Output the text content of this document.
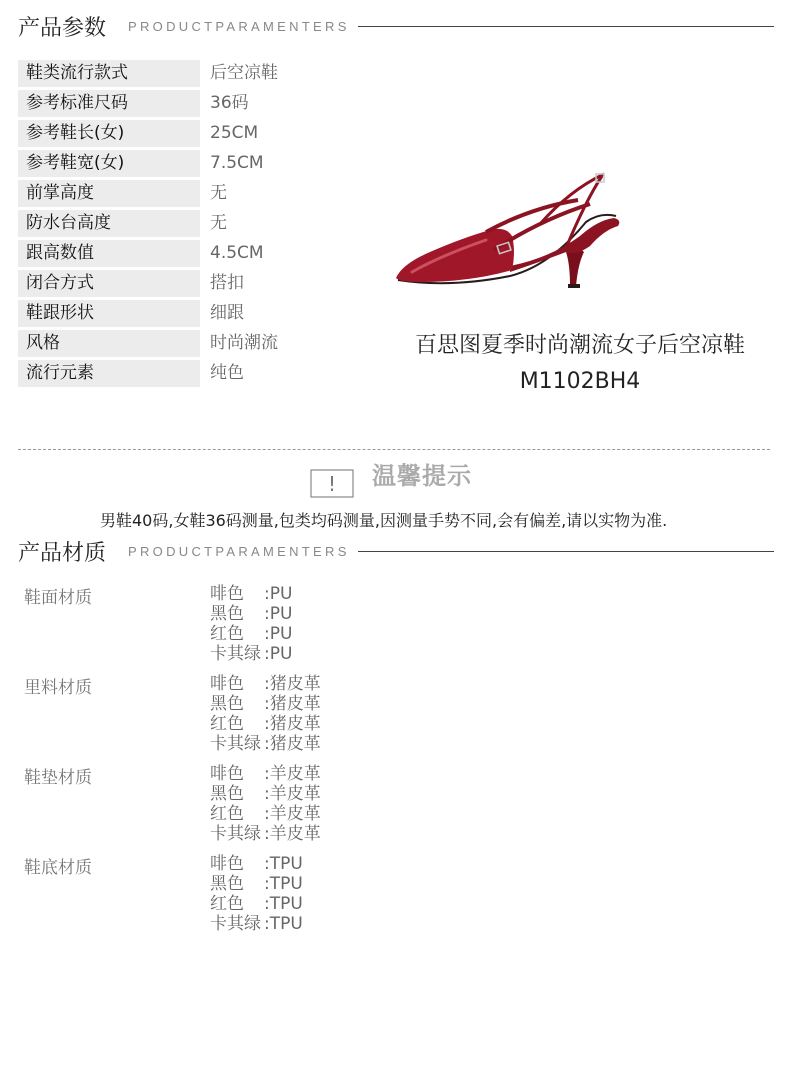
产品参数 PRODUCTPARAMENTERS
鞋类流行款式	后空凉鞋
参考标准尺码	36码
参考鞋长(女)	25CM
参考鞋宽(女)	7.5CM
前掌高度	无
防水台高度	无
跟高数值	4.5CM
闭合方式	搭扣
鞋跟形状	细跟
风格	时尚潮流
流行元素	纯色
百思图夏季时尚潮流女子后空凉鞋
M1102BH4
! 温馨提示
男鞋40码,女鞋36码测量,包类均码测量,因测量手势不同,会有偏差,请以实物为准.
产品材质 PRODUCTPARAMENTERS
鞋面材质	啡色	: PU
黑色	: PU
红色	: PU
卡其绿 : PU
里料材质	啡色	: 猪皮革
黑色	: 猪皮革
红色	: 猪皮革
卡其绿 : 猪皮革
鞋垫材质	啡色	: 羊皮革
黑色	: 羊皮革
红色	: 羊皮革
卡其绿 : 羊皮革
鞋底材质	啡色	: TPU
黑色	: TPU
红色	: TPU
卡其绿 : TPU
